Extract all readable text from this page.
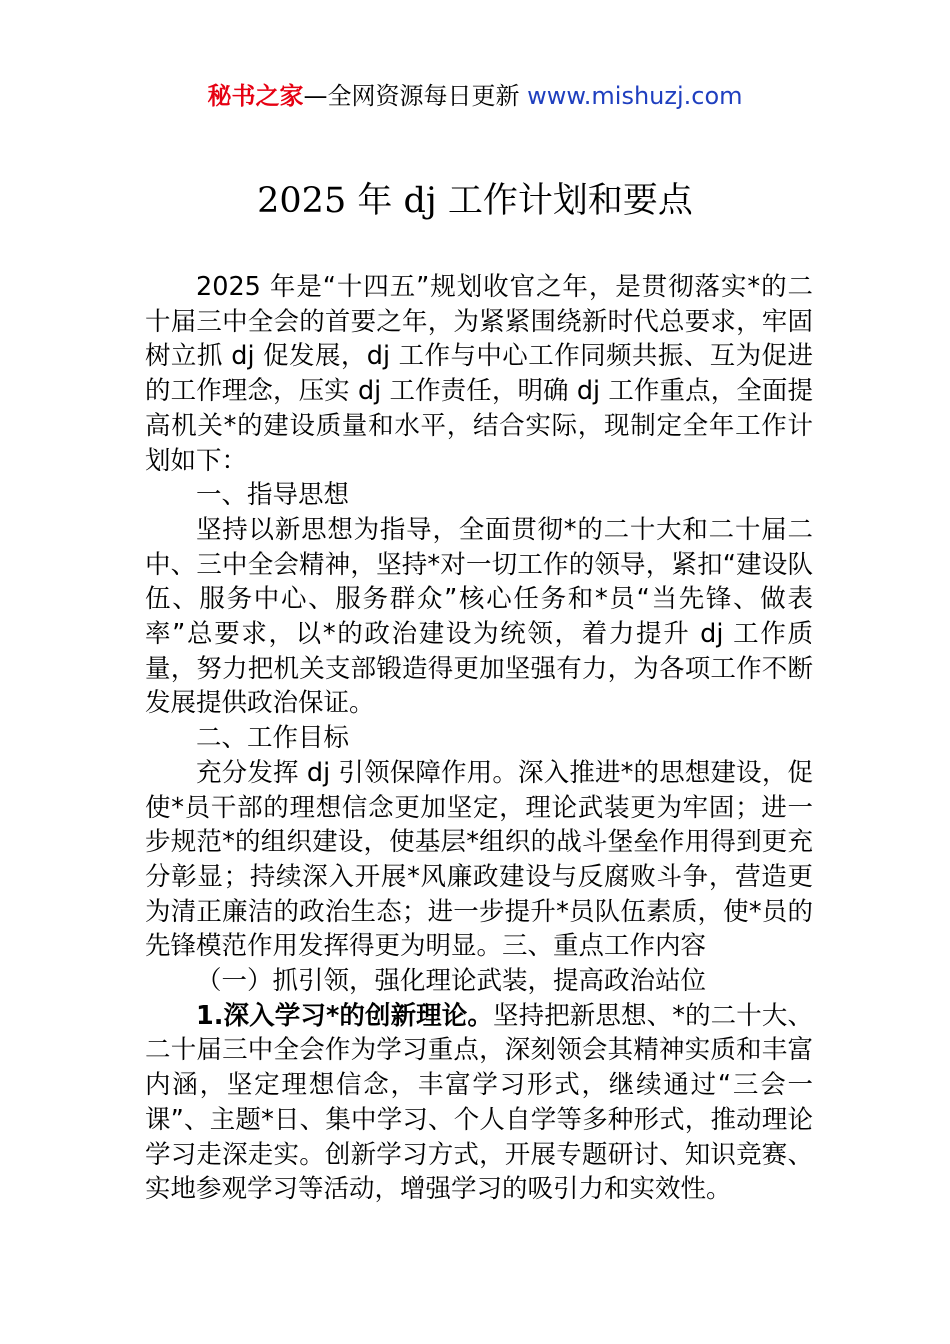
秘书之家—全网资源每日更新 www.mishuzj.com
2025 年 dj 工作计划和要点

2025 年是“十四五”规划收官之年，是贯彻落实*的二十届三中全会的首要之年，为紧紧围绕新时代总要求，牢固树立抓 dj 促发展，dj 工作与中心工作同频共振、互为促进的工作理念，压实 dj 工作责任，明确 dj 工作重点，全面提高机关*的建设质量和水平，结合实际，现制定全年工作计划如下：

一、指导思想

坚持以新思想为指导，全面贯彻*的二十大和二十届二中、三中全会精神，坚持*对一切工作的领导，紧扣“建设队伍、服务中心、服务群众”核心任务和*员“当先锋、做表率”总要求，以*的政治建设为统领，着力提升 dj 工作质量，努力把机关支部锻造得更加坚强有力，为各项工作不断发展提供政治保证。

二、工作目标

充分发挥 dj 引领保障作用。深入推进*的思想建设，促使*员干部的理想信念更加坚定，理论武装更为牢固；进一步规范*的组织建设，使基层*组织的战斗堡垒作用得到更充分彰显；持续深入开展*风廉政建设与反腐败斗争，营造更为清正廉洁的政治生态；进一步提升*员队伍素质，使*员的先锋模范作用发挥得更为明显。三、重点工作内容

（一）抓引领，强化理论武装，提高政治站位

1.深入学习*的创新理论。坚持把新思想、*的二十大、二十届三中全会作为学习重点，深刻领会其精神实质和丰富内涵，坚定理想信念，丰富学习形式，继续通过“三会一课”、主题*日、集中学习、个人自学等多种形式，推动理论学习走深走实。创新学习方式，开展专题研讨、知识竞赛、实地参观学习等活动，增强学习的吸引力和实效性。
